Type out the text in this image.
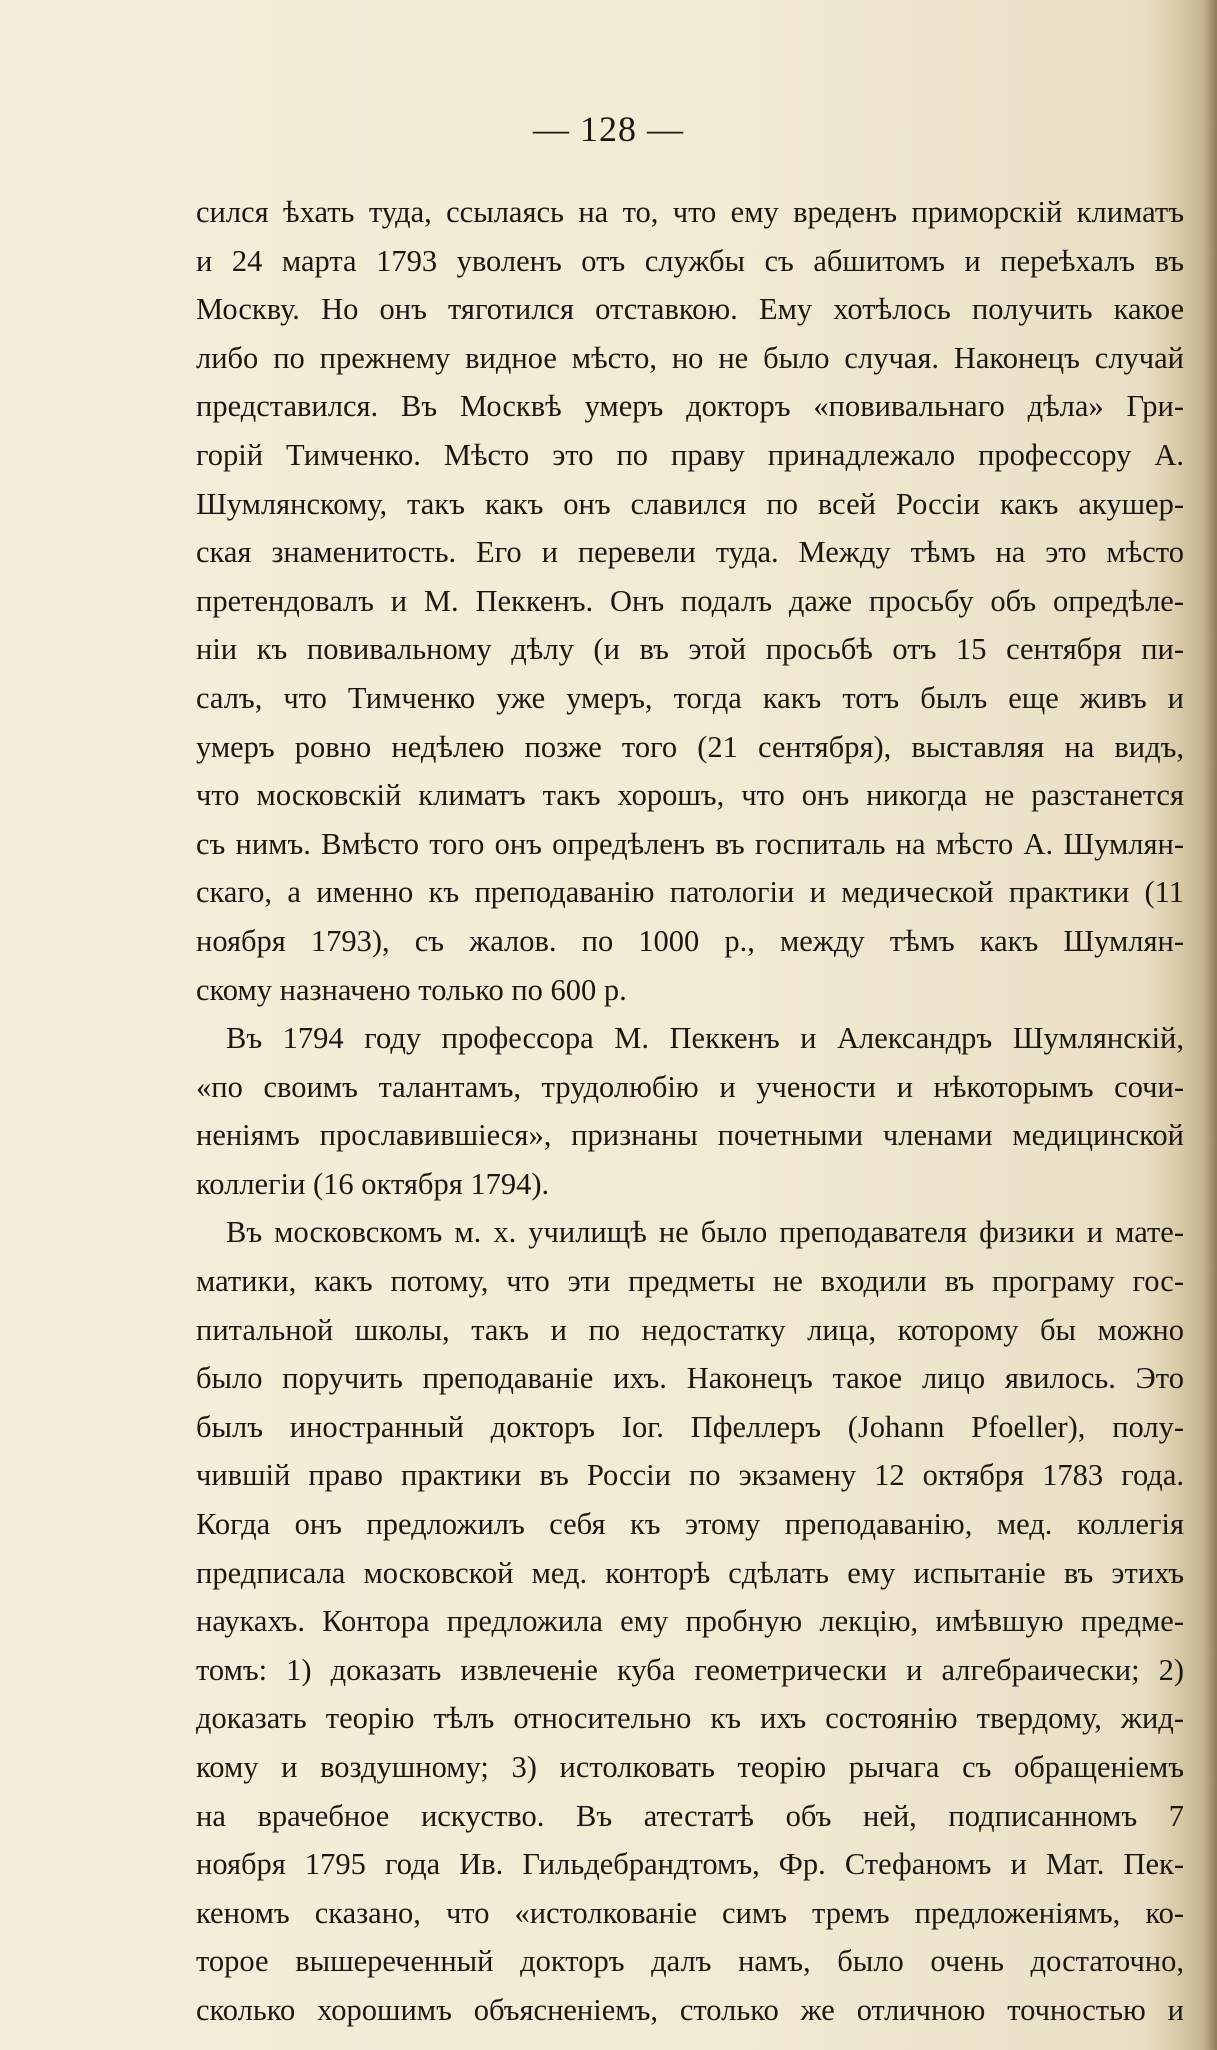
— 128 —
сился ѣхать туда, ссылаясь на то, что ему вреденъ приморскій климатъ
и 24 марта 1793 уволенъ отъ службы съ абшитомъ и переѣхалъ въ
Москву. Но онъ тяготился отставкою. Ему хотѣлось получить какое
либо по прежнему видное мѣсто, но не было случая. Наконецъ случай
представился. Въ Москвѣ умеръ докторъ «повивальнаго дѣла» Гри-
горій Тимченко. Мѣсто это по праву принадлежало профессору А.
Шумлянскому, такъ какъ онъ славился по всей Россіи какъ акушер-
ская знаменитость. Его и перевели туда. Между тѣмъ на это мѣсто
претендовалъ и М. Пеккенъ. Онъ подалъ даже просьбу объ опредѣле-
ніи къ повивальному дѣлу (и въ этой просьбѣ отъ 15 сентября пи-
салъ, что Тимченко уже умеръ, тогда какъ тотъ былъ еще живъ и
умеръ ровно недѣлею позже того (21 сентября), выставляя на видъ,
что московскій климатъ такъ хорошъ, что онъ никогда не разстанется
съ нимъ. Вмѣсто того онъ опредѣленъ въ госпиталь на мѣсто А. Шумлян-
скаго, а именно къ преподаванію патологіи и медической практики (11
ноября 1793), съ жалов. по 1000 р., между тѣмъ какъ Шумлян-
скому назначено только по 600 р.
Въ 1794 году профессора М. Пеккенъ и Александръ Шумлянскій,
«по своимъ талантамъ, трудолюбію и учености и нѣкоторымъ сочи-
неніямъ прославившіеся», признаны почетными членами медицинской
коллегіи (16 октября 1794).
Въ московскомъ м. х. училищѣ не было преподавателя физики и мате-
матики, какъ потому, что эти предметы не входили въ програму гос-
питальной школы, такъ и по недостатку лица, которому бы можно
было поручить преподаваніе ихъ. Наконецъ такое лицо явилось. Это
былъ иностранный докторъ Іог. Пфеллеръ (Johann Pfoeller), полу-
чившій право практики въ Россіи по экзамену 12 октября 1783 года.
Когда онъ предложилъ себя къ этому преподаванію, мед. коллегія
предписала московской мед. конторѣ сдѣлать ему испытаніе въ этихъ
наукахъ. Контора предложила ему пробную лекцію, имѣвшую предме-
томъ: 1) доказать извлеченіе куба геометрически и алгебраически; 2)
доказать теорію тѣлъ относительно къ ихъ состоянію твердому, жид-
кому и воздушному; 3) истолковать теорію рычага съ обращеніемъ
на врачебное искуство. Въ атестатѣ объ ней, подписанномъ 7
ноября 1795 года Ив. Гильдебрандтомъ, Фр. Стефаномъ и Мат. Пек-
кеномъ сказано, что «истолкованіе симъ тремъ предложеніямъ, ко-
торое вышереченный докторъ далъ намъ, было очень достаточно,
сколько хорошимъ объясненіемъ, столько же отличною точностью и
